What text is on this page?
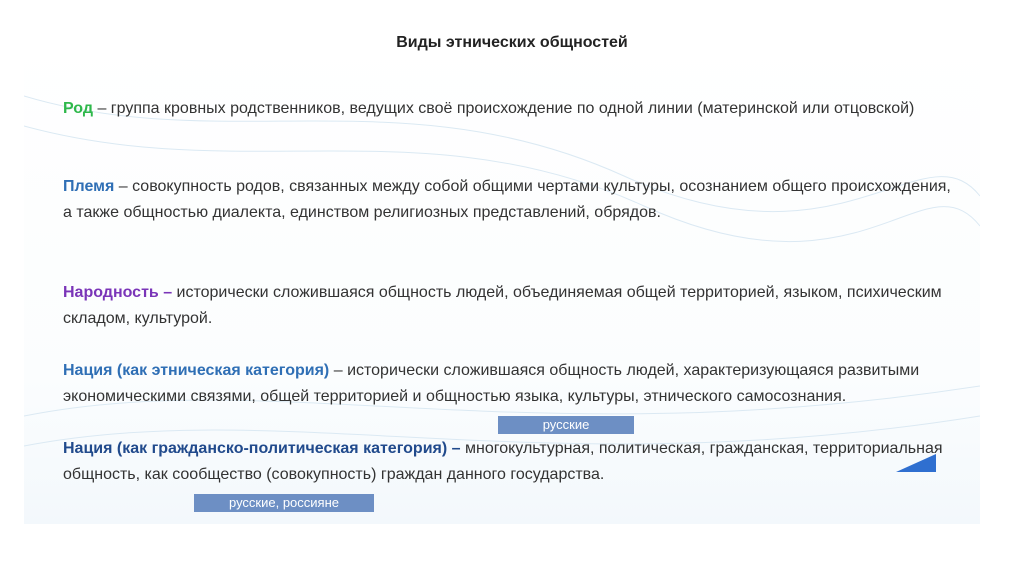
Виды этнических общностей
Род – группа кровных родственников, ведущих своё происхождение по одной линии (материнской или отцовской)
Племя – совокупность родов, связанных между собой общими чертами культуры, осознанием общего происхождения, а также общностью диалекта, единством религиозных представлений, обрядов.
Народность – исторически сложившаяся общность людей, объединяемая общей территорией, языком, психическим складом, культурой.
Нация (как этническая категория) – исторически сложившаяся общность людей, характеризующаяся развитыми экономическими связями, общей территорией и общностью языка, культуры, этнического самосознания.
Нация (как гражданско-политическая категория) – многокультурная, политическая, гражданская, территориальная общность, как сообщество (совокупность) граждан данного государства.
русские
русские, россияне
